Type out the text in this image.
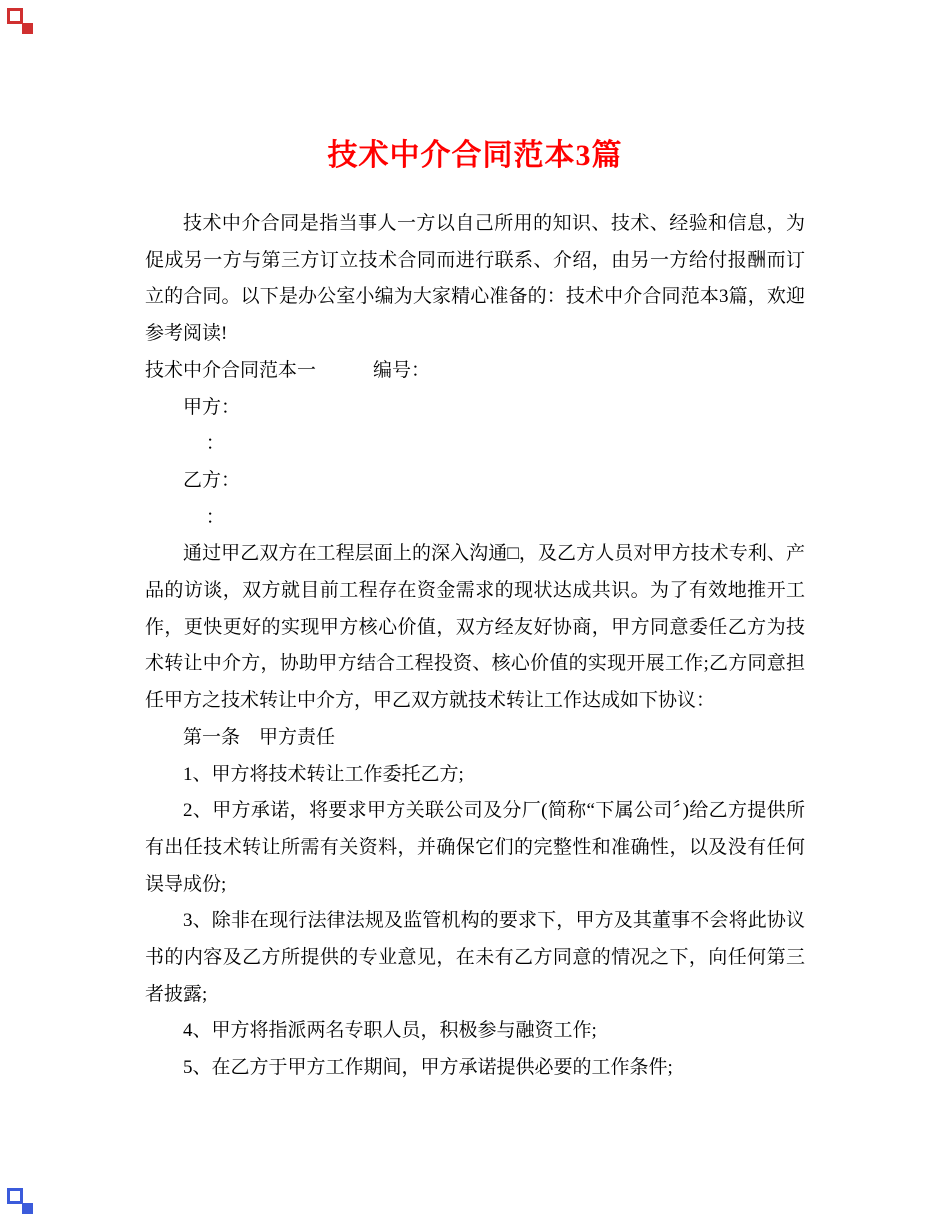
技术中介合同范本3篇

技术中介合同是指当事人一方以自己所用的知识、技术、经验和信息，为促成另一方与第三方订立技术合同而进行联系、介绍，由另一方给付报酬而订立的合同。以下是办公室小编为大家精心准备的：技术中介合同范本3篇，欢迎参考阅读!

技术中介合同范本一　　　编号：

甲方：

：

乙方：

：

通过甲乙双方在工程层面上的深入沟通□，及乙方人员对甲方技术专利、产品的访谈，双方就目前工程存在资金需求的现状达成共识。为了有效地推开工作，更快更好的实现甲方核心价值，双方经友好协商，甲方同意委任乙方为技术转让中介方，协助甲方结合工程投资、核心价值的实现开展工作;乙方同意担任甲方之技术转让中介方，甲乙双方就技术转让工作达成如下协议：

第一条　甲方责任

1、甲方将技术转让工作委托乙方;

2、甲方承诺，将要求甲方关联公司及分厂(简称“下属公司〞)给乙方提供所有出任技术转让所需有关资料，并确保它们的完整性和准确性，以及没有任何误导成份;

3、除非在现行法律法规及监管机构的要求下，甲方及其董事不会将此协议书的内容及乙方所提供的专业意见，在未有乙方同意的情况之下，向任何第三者披露;

4、甲方将指派两名专职人员，积极参与融资工作;

5、在乙方于甲方工作期间，甲方承诺提供必要的工作条件;
